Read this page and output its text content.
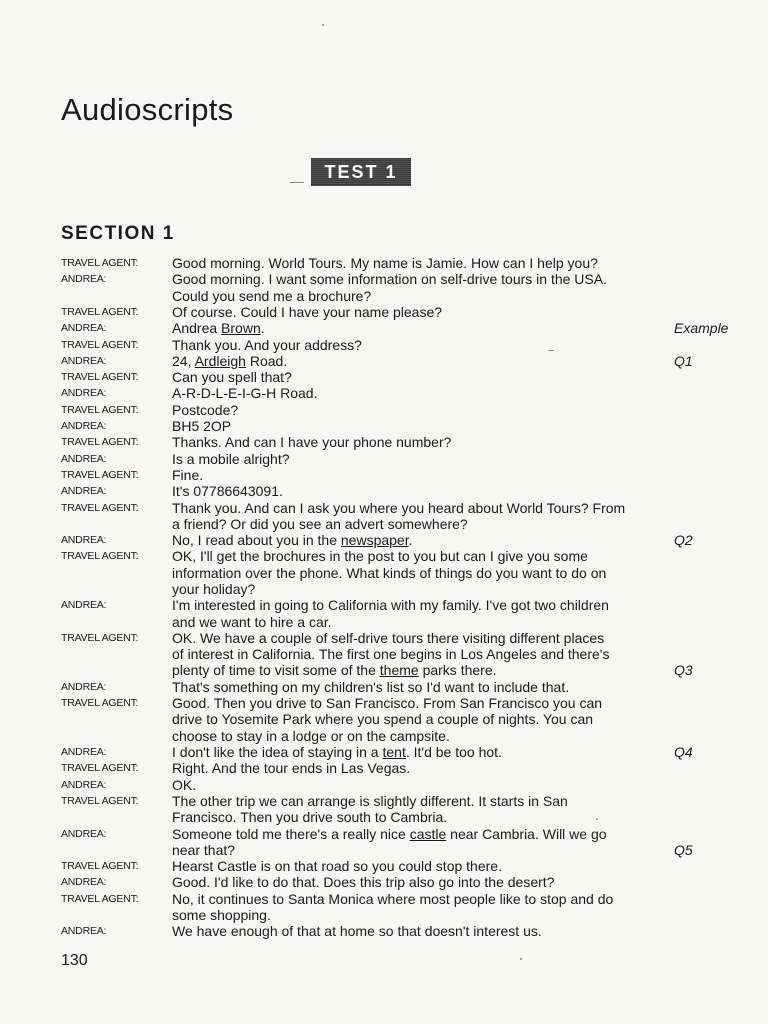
Audioscripts
TEST 1
SECTION 1
TRAVEL AGENT: Good morning. World Tours. My name is Jamie. How can I help you?
ANDREA:	Good morning. I want some information on self-drive tours in the USA.
Could you send me a brochure?
TRAVEL AGENT: Of course. Could I have your name please?
ANDREA:	Andrea Brown.	Example
TRAVEL AGENT: Thank you. And your address?
ANDREA:	24, Ardleigh Road.	Q1
TRAVEL AGENT: Can you spell that?
ANDREA:	A-R-D-L-E-I-G-H Road.
TRAVEL AGENT: Postcode?
ANDREA:	BH5 2OP
TRAVEL AGENT: Thanks. And can I have your phone number?
ANDREA:	Is a mobile alright?
TRAVEL AGENT: Fine.
ANDREA:	It's 07786643091.
TRAVEL AGENT: Thank you. And can I ask you where you heard about World Tours? From
a friend? Or did you see an advert somewhere?
ANDREA:	No, I read about you in the newspaper.	Q2
TRAVEL AGENT: OK, I'll get the brochures in the post to you but can I give you some
information over the phone. What kinds of things do you want to do on
your holiday?
ANDREA:	I'm interested in going to California with my family. I've got two children
and we want to hire a car.
TRAVEL AGENT: OK. We have a couple of self-drive tours there visiting different places
of interest in California. The first one begins in Los Angeles and there's
plenty of time to visit some of the theme parks there.	Q3
ANDREA:	That's something on my children's list so I'd want to include that.
TRAVEL AGENT: Good. Then you drive to San Francisco. From San Francisco you can
drive to Yosemite Park where you spend a couple of nights. You can
choose to stay in a lodge or on the campsite.
ANDREA:	I don't like the idea of staying in a tent. It'd be too hot.	Q4
TRAVEL AGENT: Right. And the tour ends in Las Vegas.
ANDREA:	OK.
TRAVEL AGENT: The other trip we can arrange is slightly different. It starts in San
Francisco. Then you drive south to Cambria.
ANDREA:	Someone told me there's a really nice castle near Cambria. Will we go
near that?	Q5
TRAVEL AGENT: Hearst Castle is on that road so you could stop there.
ANDREA:	Good. I'd like to do that. Does this trip also go into the desert?
TRAVEL AGENT: No, it continues to Santa Monica where most people like to stop and do
some shopping.
ANDREA:	We have enough of that at home so that doesn't interest us.
130
